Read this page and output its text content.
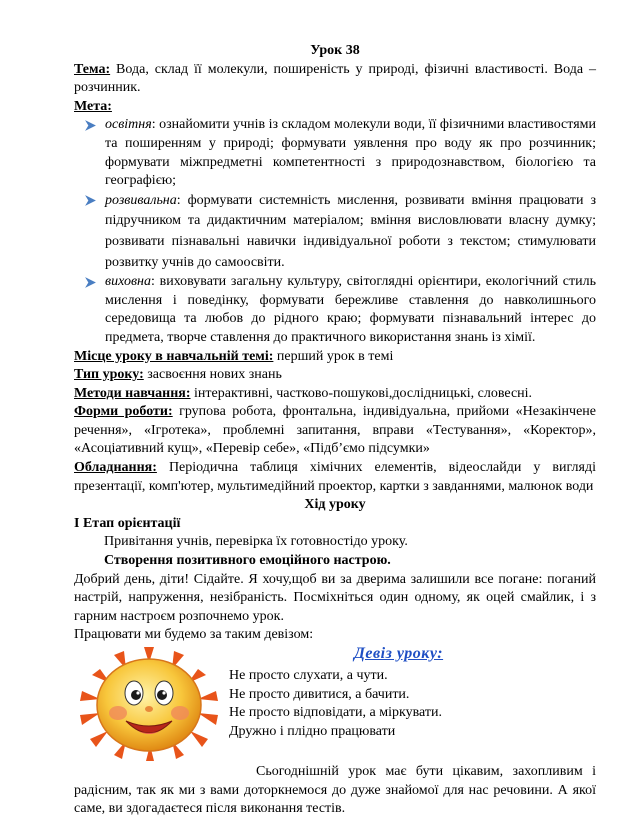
Урок 38

Тема: Вода, склад її молекули, поширеність у природі, фізичні властивості. Вода – розчинник.

Мета:

освітня: ознайомити учнів із складом молекули води, її фізичними властивостями та поширенням у природі; формувати уявлення про воду як про розчинник; формувати міжпредметні компетентності з природознавством, біологією та географією;
розвивальна: формувати системність мислення, розвивати вміння працювати з підручником та дидактичним матеріалом; вміння висловлювати власну думку; розвивати пізнавальні навички індивідуальної роботи з текстом; стимулювати розвитку учнів до самоосвіти.
виховна: виховувати загальну культуру, світоглядні орієнтири, екологічний стиль мислення і поведінку, формувати бережливе ставлення до навколишнього середовища та любов до рідного краю; формувати пізнавальний інтерес до предмета, творче ставлення до практичного використання знань із хімії.

Місце уроку в навчальній темі: перший урок в темі

Тип уроку: засвоєння нових знань

Методи навчання: інтерактивні, частково-пошукові,дослідницькі, словесні.

Форми роботи: групова робота, фронтальна, індивідуальна, прийоми «Незакінчене речення», «Ігротека», проблемні запитання, вправи «Тестування», «Коректор», «Асоціативний кущ», «Перевір себе», «Підбʼємо підсумки»

Обладнання: Періодична таблиця хімічних елементів, відеослайди у вигляді презентації, комп'ютер, мультимедійний проектор, картки з завданнями, малюнок води

Хід уроку

І Етап орієнтації

Привітання учнів, перевірка їх готовностідо уроку.

Створення позитивного емоційного настрою.

Добрий день, діти! Сідайте. Я хочу,щоб ви за дверима залишили все погане: поганий настрій, напруження, незібраність. Посміхніться один одному, як оцей смайлик, і з гарним настроєм розпочнемо урок.

Працювати ми будемо за таким девізом:

Девіз уроку:

Не просто слухати, а чути.

Не просто дивитися, а бачити.

Не просто відповідати, а міркувати.

Дружно і плідно працювати

Сьогоднішній урок має бути цікавим, захопливим і радісним, так як ми з вами доторкнемося до дуже знайомої для нас речовини. А якої саме, ви здогадаєтеся після виконання тестів.
